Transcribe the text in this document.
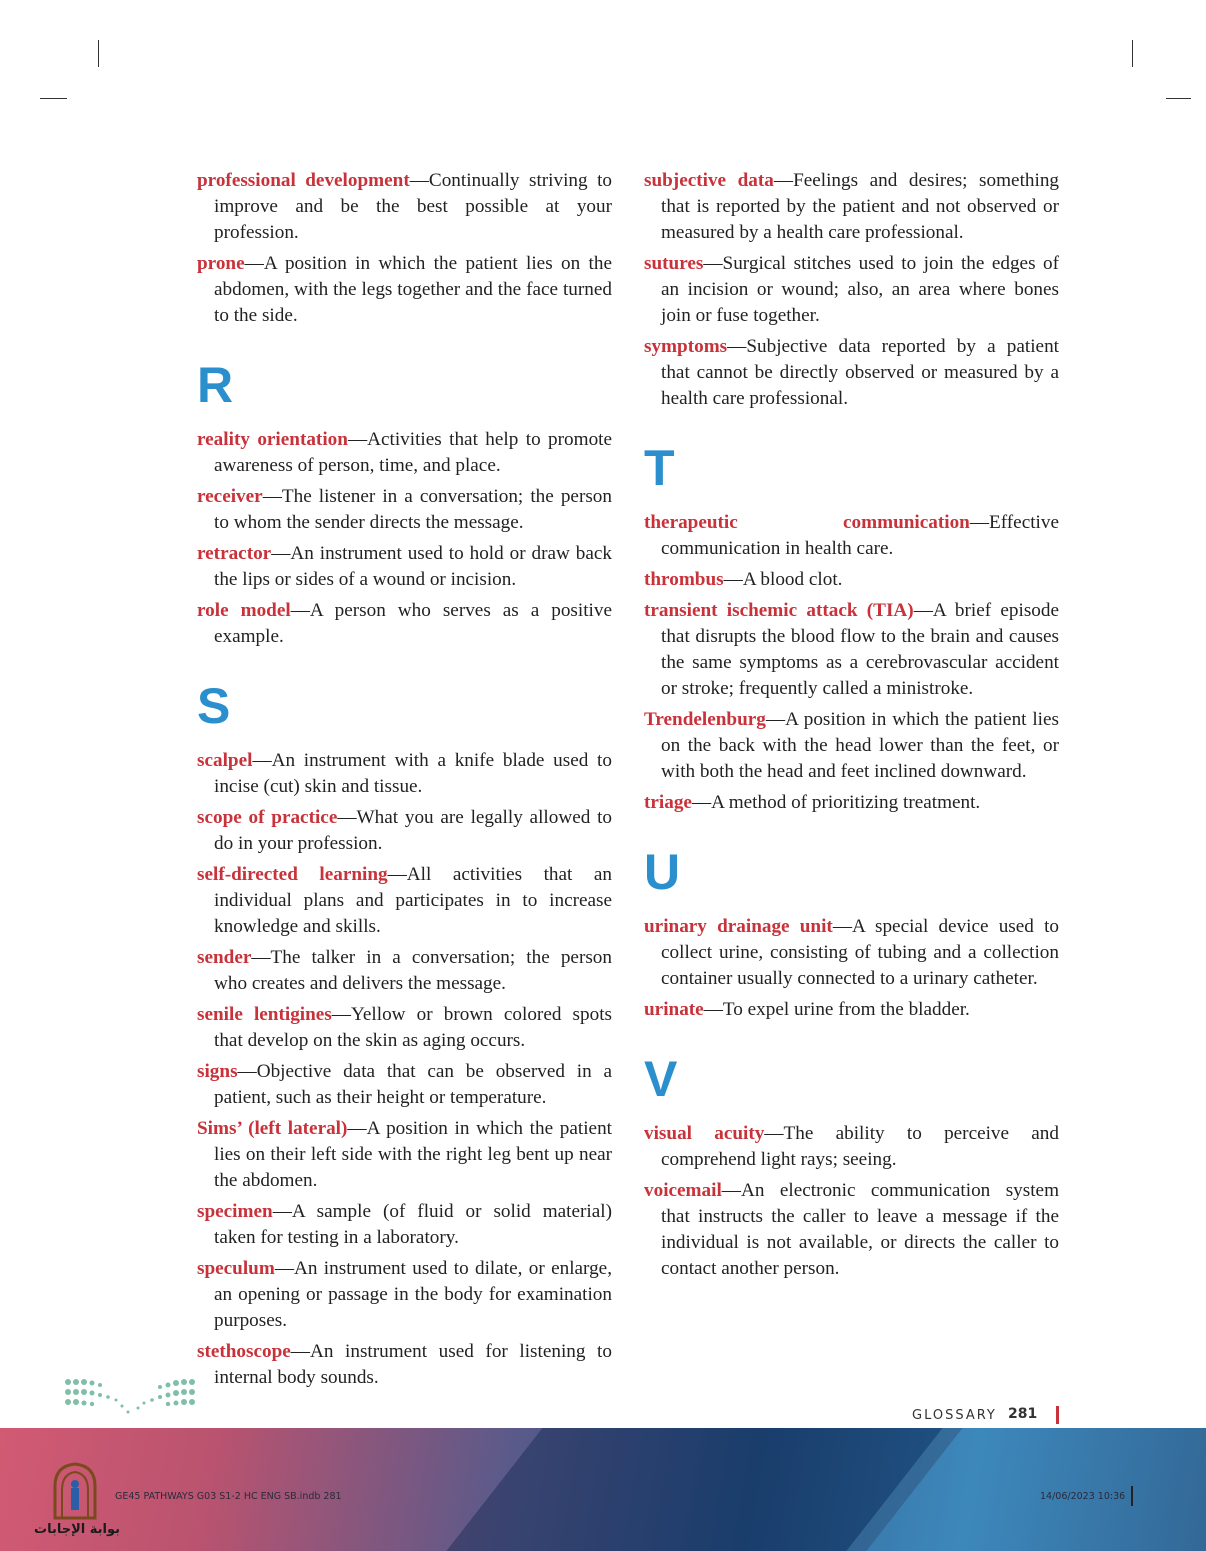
professional development—Continually striving to improve and be the best possible at your profession.

prone—A position in which the patient lies on the abdomen, with the legs together and the face turned to the side.

R

reality orientation—Activities that help to promote awareness of person, time, and place.

receiver—The listener in a conversation; the person to whom the sender directs the message.

retractor—An instrument used to hold or draw back the lips or sides of a wound or incision.

role model—A person who serves as a positive example.

S

scalpel—An instrument with a knife blade used to incise (cut) skin and tissue.

scope of practice—What you are legally allowed to do in your profession.

self-directed learning—All activities that an individual plans and participates in to increase knowledge and skills.

sender—The talker in a conversation; the person who creates and delivers the message.

senile lentigines—Yellow or brown colored spots that develop on the skin as aging occurs.

signs—Objective data that can be observed in a patient, such as their height or temperature.

Sims’ (left lateral)—A position in which the patient lies on their left side with the right leg bent up near the abdomen.

specimen—A sample (of fluid or solid material) taken for testing in a laboratory.

speculum—An instrument used to dilate, or enlarge, an opening or passage in the body for examination purposes.

stethoscope—An instrument used for listening to internal body sounds.

subjective data—Feelings and desires; something that is reported by the patient and not observed or measured by a health care professional.

sutures—Surgical stitches used to join the edges of an incision or wound; also, an area where bones join or fuse together.

symptoms—Subjective data reported by a patient that cannot be directly observed or measured by a health care professional.

T

therapeutic communication—Effective communication in health care.

thrombus—A blood clot.

transient ischemic attack (TIA)—A brief episode that disrupts the blood flow to the brain and causes the same symptoms as a cerebrovascular accident or stroke; frequently called a ministroke.

Trendelenburg—A position in which the patient lies on the back with the head lower than the feet, or with both the head and feet inclined downward.

triage—A method of prioritizing treatment.

U

urinary drainage unit—A special device used to collect urine, consisting of tubing and a collection container usually connected to a urinary catheter.

urinate—To expel urine from the bladder.

V

visual acuity—The ability to perceive and comprehend light rays; seeing.

voicemail—An electronic communication system that instructs the caller to leave a message if the individual is not available, or directs the caller to contact another person.

GLOSSARY 281
GE45 PATHWAYS G03 S1-2 HC ENG SB.indb 281	14/06/2023 10:36
بوابة الإجابات
